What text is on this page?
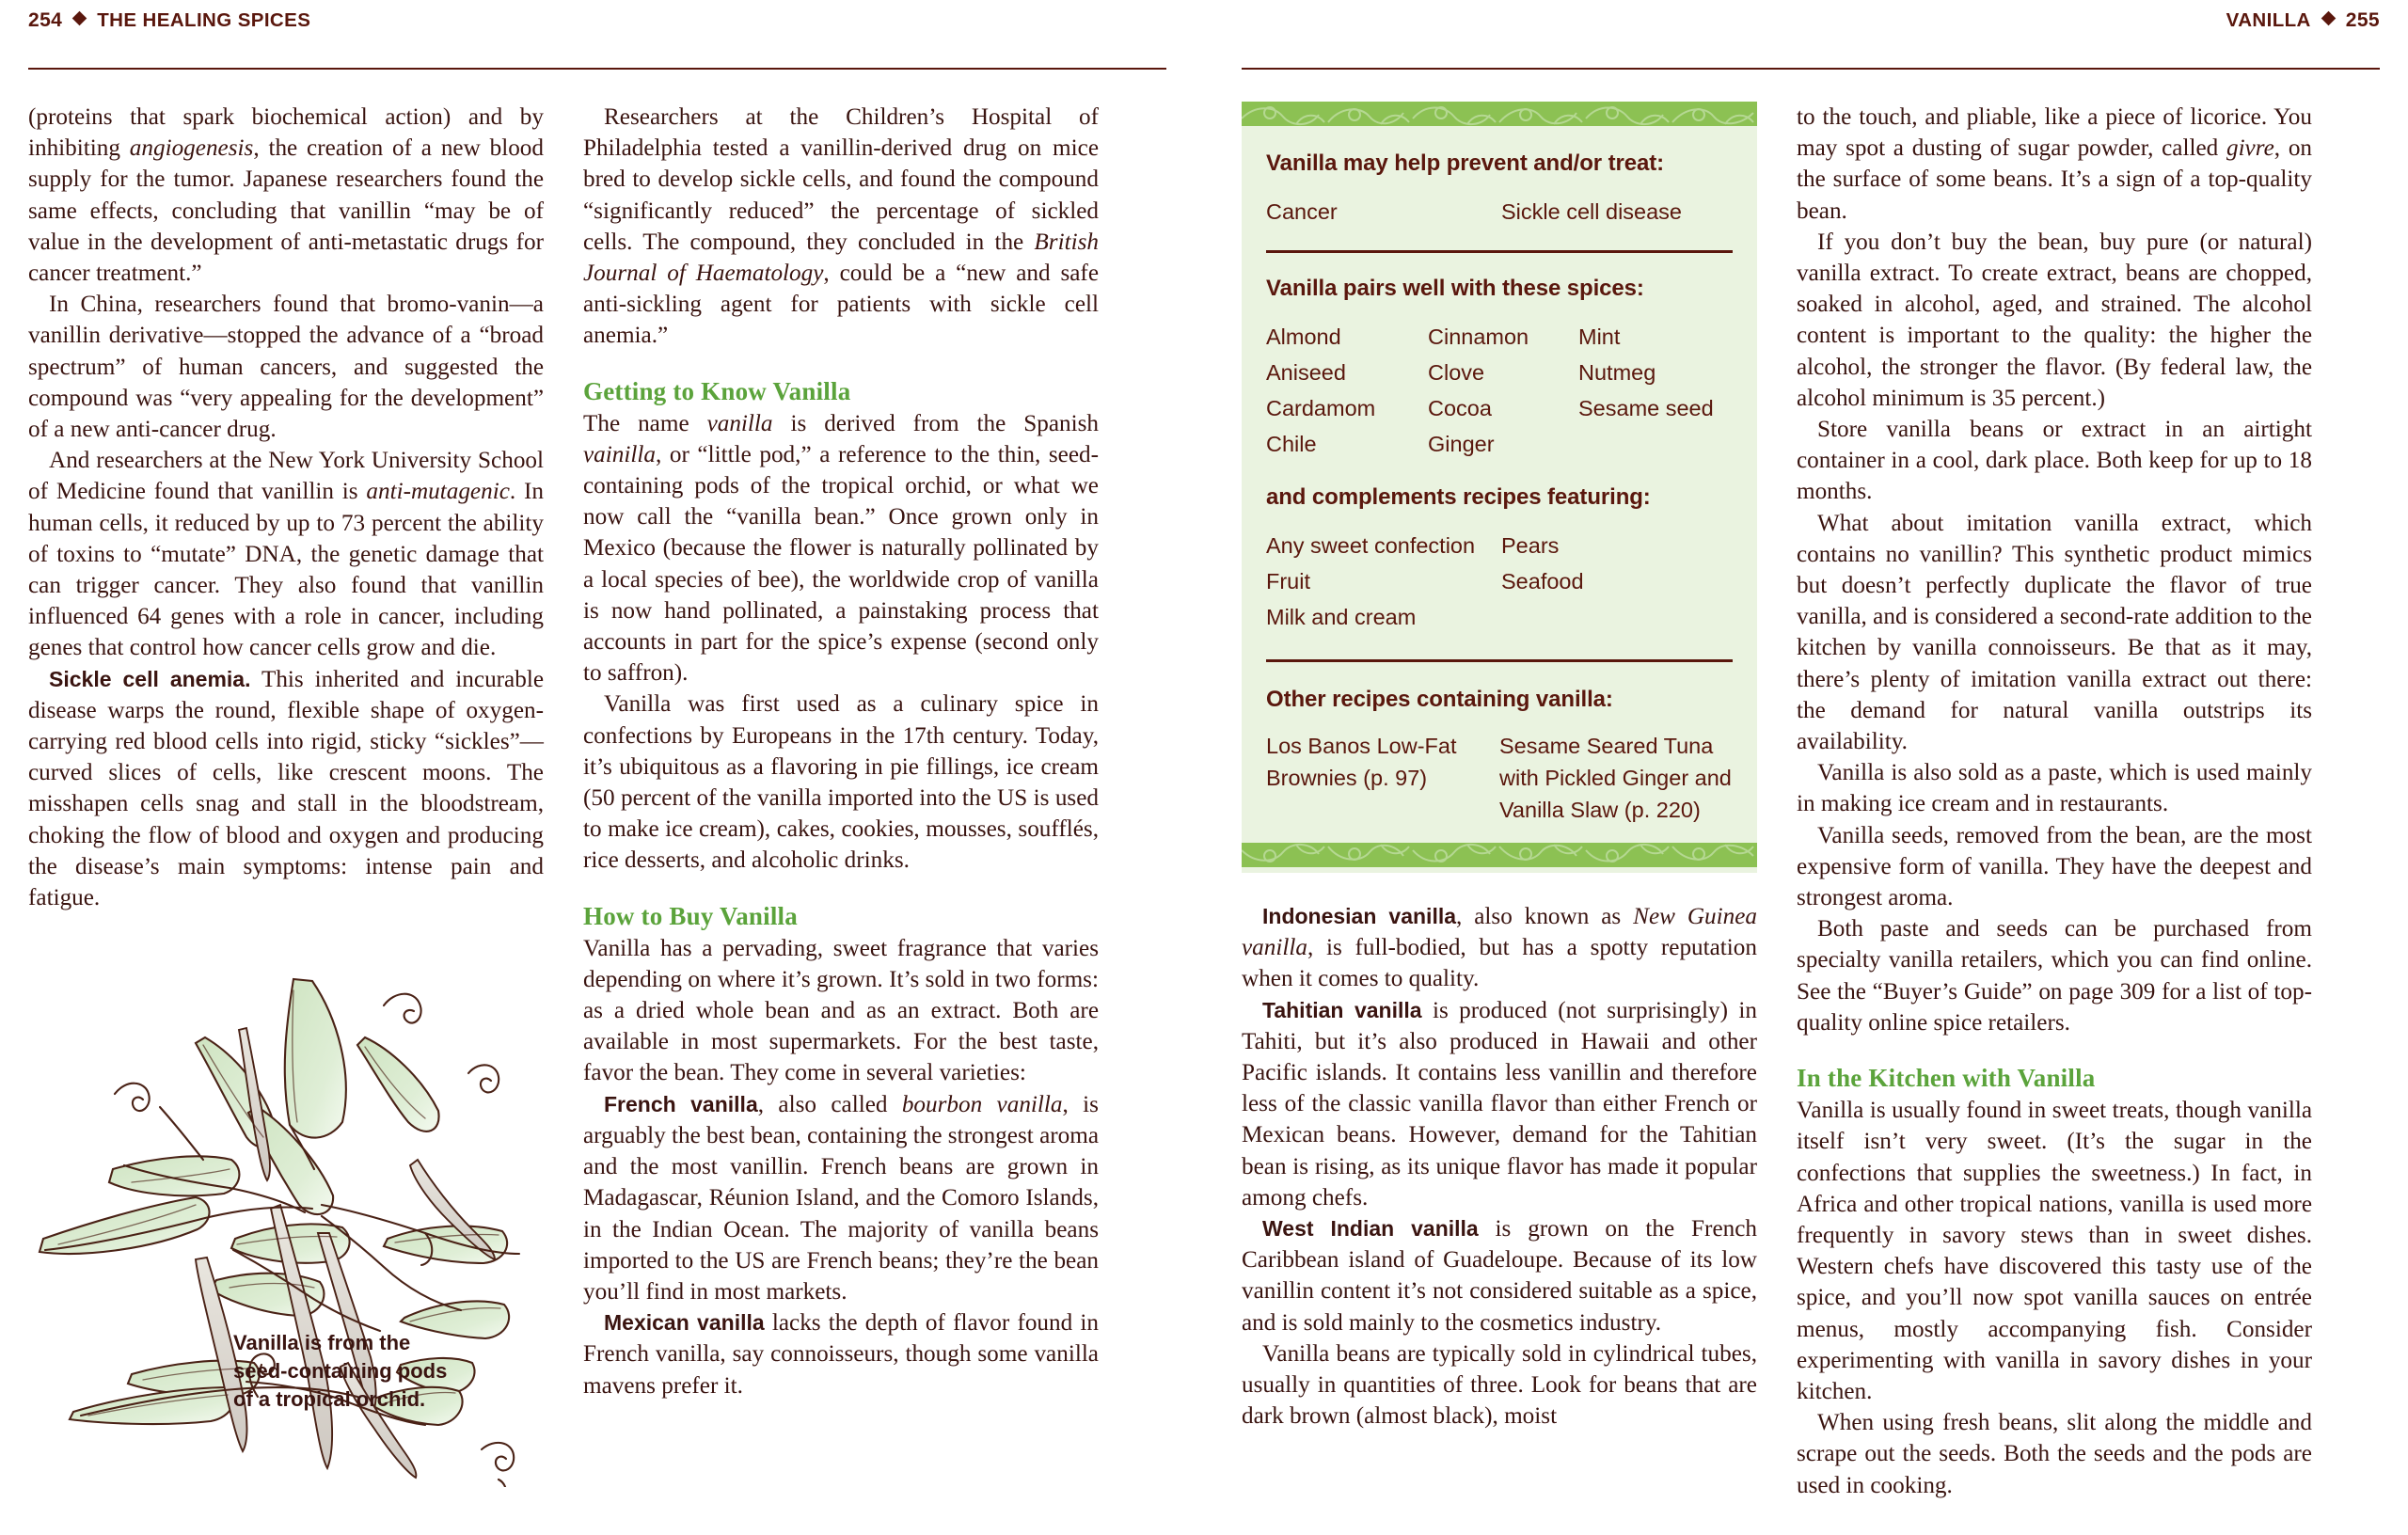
254 THE HEALING SPICES

(proteins that spark biochemical action) and by inhibiting angiogenesis, the creation of a new blood supply for the tumor. Japanese researchers found the same effects, concluding that vanillin “may be of value in the development of anti-metastatic drugs for cancer treatment.”

In China, researchers found that bromo-vanin—a vanillin derivative—stopped the advance of a “broad spectrum” of human cancers, and suggested the compound was “very appealing for the development” of a new anti-cancer drug.

And researchers at the New York University School of Medicine found that vanillin is anti-mutagenic. In human cells, it reduced by up to 73 percent the ability of toxins to “mutate” DNA, the genetic damage that can trigger cancer. They also found that vanillin influenced 64 genes with a role in cancer, including genes that control how cancer cells grow and die.

Sickle cell anemia. This inherited and incurable disease warps the round, flexible shape of oxygen-carrying red blood cells into rigid, sticky “sickles”—curved slices of cells, like crescent moons. The misshapen cells snag and stall in the bloodstream, choking the flow of blood and oxygen and producing the disease’s main symptoms: intense pain and fatigue.

Vanilla is from the seed-containing pods of a tropical orchid.

Researchers at the Children’s Hospital of Philadelphia tested a vanillin-derived drug on mice bred to develop sickle cells, and found the compound “significantly reduced” the percentage of sickled cells. The compound, they concluded in the British Journal of Haematology, could be a “new and safe anti-sickling agent for patients with sickle cell anemia.”

Getting to Know Vanilla

The name vanilla is derived from the Spanish vainilla, or “little pod,” a reference to the thin, seed-containing pods of the tropical orchid, or what we now call the “vanilla bean.” Once grown only in Mexico (because the flower is naturally pollinated by a local species of bee), the worldwide crop of vanilla is now hand pollinated, a painstaking process that accounts in part for the spice’s expense (second only to saffron).

Vanilla was first used as a culinary spice in confections by Europeans in the 17th century. Today, it’s ubiquitous as a flavoring in pie fillings, ice cream (50 percent of the vanilla imported into the US is used to make ice cream), cakes, cookies, mousses, soufflés, rice desserts, and alcoholic drinks.

How to Buy Vanilla

Vanilla has a pervading, sweet fragrance that varies depending on where it’s grown. It’s sold in two forms: as a dried whole bean and as an extract. Both are available in most supermarkets. For the best taste, favor the bean. They come in several varieties:

French vanilla, also called bourbon vanilla, is arguably the best bean, containing the strongest aroma and the most vanillin. French beans are grown in Madagascar, Réunion Island, and the Comoro Islands, in the Indian Ocean. The majority of vanilla beans imported to the US are French beans; they’re the bean you’ll find in most markets.

Mexican vanilla lacks the depth of flavor found in French vanilla, say connoisseurs, though some vanilla mavens prefer it.

VANILLA 255
Vanilla may help prevent and/or treat:
Cancer	Sickle cell disease
Vanilla pairs well with these spices:
Almond	Cinnamon	Mint
Aniseed	Clove	Nutmeg
Cardamom	Cocoa	Sesame seed
Chile	Ginger
and complements recipes featuring:
Any sweet confection	Pears
Fruit	Seafood
Milk and cream
Other recipes containing vanilla:
Los Banos Low-Fat Brownies (p. 97)
Sesame Seared Tuna with Pickled Ginger and Vanilla Slaw (p. 220)

Indonesian vanilla, also known as New Guinea vanilla, is full-bodied, but has a spotty reputation when it comes to quality.

Tahitian vanilla is produced (not surprisingly) in Tahiti, but it’s also produced in Hawaii and other Pacific islands. It contains less vanillin and therefore less of the classic vanilla flavor than either French or Mexican beans. However, demand for the Tahitian bean is rising, as its unique flavor has made it popular among chefs.

West Indian vanilla is grown on the French Caribbean island of Guadeloupe. Because of its low vanillin content it’s not considered suitable as a spice, and is sold mainly to the cosmetics industry.

Vanilla beans are typically sold in cylindrical tubes, usually in quantities of three. Look for beans that are dark brown (almost black), moist

to the touch, and pliable, like a piece of licorice. You may spot a dusting of sugar powder, called givre, on the surface of some beans. It’s a sign of a top-quality bean.

If you don’t buy the bean, buy pure (or natural) vanilla extract. To create extract, beans are chopped, soaked in alcohol, aged, and strained. The alcohol content is important to the quality: the higher the alcohol, the stronger the flavor. (By federal law, the alcohol minimum is 35 percent.)

Store vanilla beans or extract in an airtight container in a cool, dark place. Both keep for up to 18 months.

What about imitation vanilla extract, which contains no vanillin? This synthetic product mimics but doesn’t perfectly duplicate the flavor of true vanilla, and is considered a second-rate addition to the kitchen by vanilla connoisseurs. Be that as it may, there’s plenty of imitation vanilla extract out there: the demand for natural vanilla outstrips its availability.

Vanilla is also sold as a paste, which is used mainly in making ice cream and in restaurants.

Vanilla seeds, removed from the bean, are the most expensive form of vanilla. They have the deepest and strongest aroma.

Both paste and seeds can be purchased from specialty vanilla retailers, which you can find online. See the “Buyer’s Guide” on page 309 for a list of top-quality online spice retailers.

In the Kitchen with Vanilla

Vanilla is usually found in sweet treats, though vanilla itself isn’t very sweet. (It’s the sugar in the confections that supplies the sweetness.) In fact, in Africa and other tropical nations, vanilla is used more frequently in savory stews than in sweet dishes. Western chefs have discovered this tasty use of the spice, and you’ll now spot vanilla sauces on entrée menus, mostly accompanying fish. Consider experimenting with vanilla in savory dishes in your kitchen.

When using fresh beans, slit along the middle and scrape out the seeds. Both the seeds and the pods are used in cooking.
